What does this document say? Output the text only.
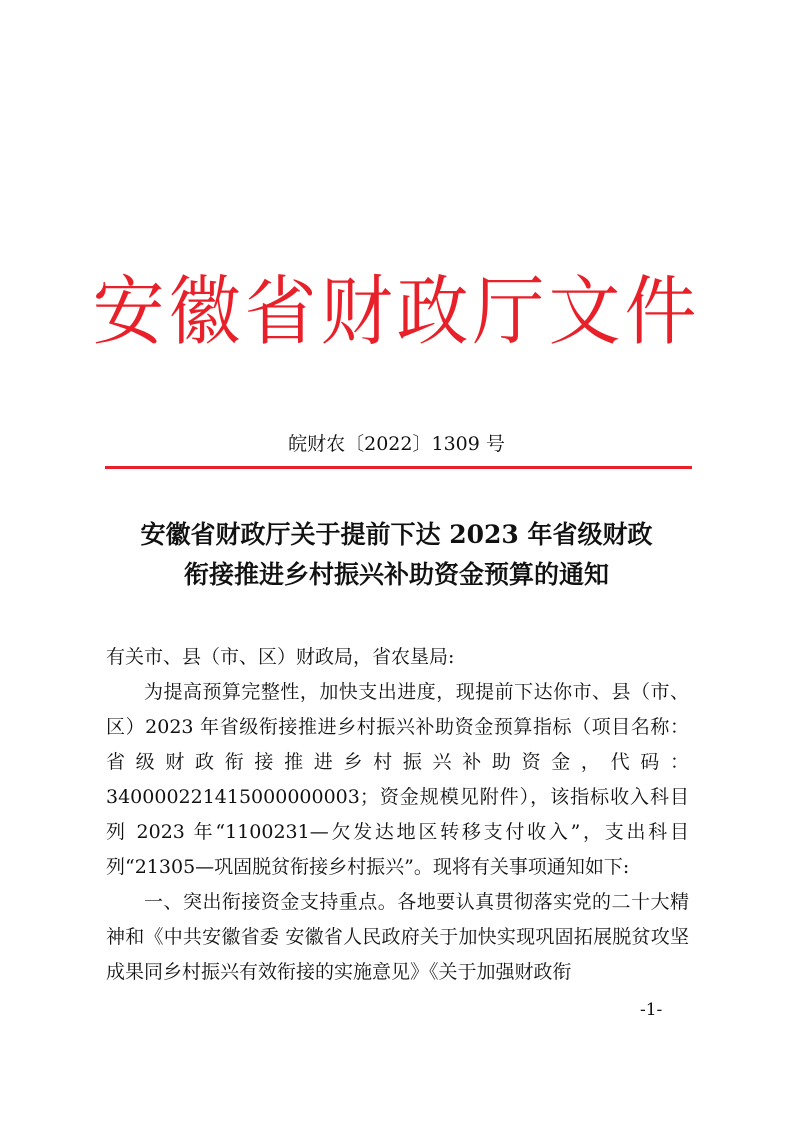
安徽省财政厅文件
皖财农〔2022〕1309 号
安徽省财政厅关于提前下达 2023 年省级财政
衔接推进乡村振兴补助资金预算的通知

有关市、县（市、区）财政局，省农垦局:

为提高预算完整性，加快支出进度，现提前下达你市、县（市、区）2023 年省级衔接推进乡村振兴补助资金预算指标（项目名称：省级财政衔接推进乡村振兴补助资金，代码：340000221415000000003；资金规模见附件），该指标收入科目列 2023 年“1100231—欠发达地区转移支付收入”，支出科目列“21305—巩固脱贫衔接乡村振兴”。现将有关事项通知如下:

一、突出衔接资金支持重点。各地要认真贯彻落实党的二十大精神和《中共安徽省委 安徽省人民政府关于加快实现巩固拓展脱贫攻坚成果同乡村振兴有效衔接的实施意见》《关于加强财政衔

-1-
